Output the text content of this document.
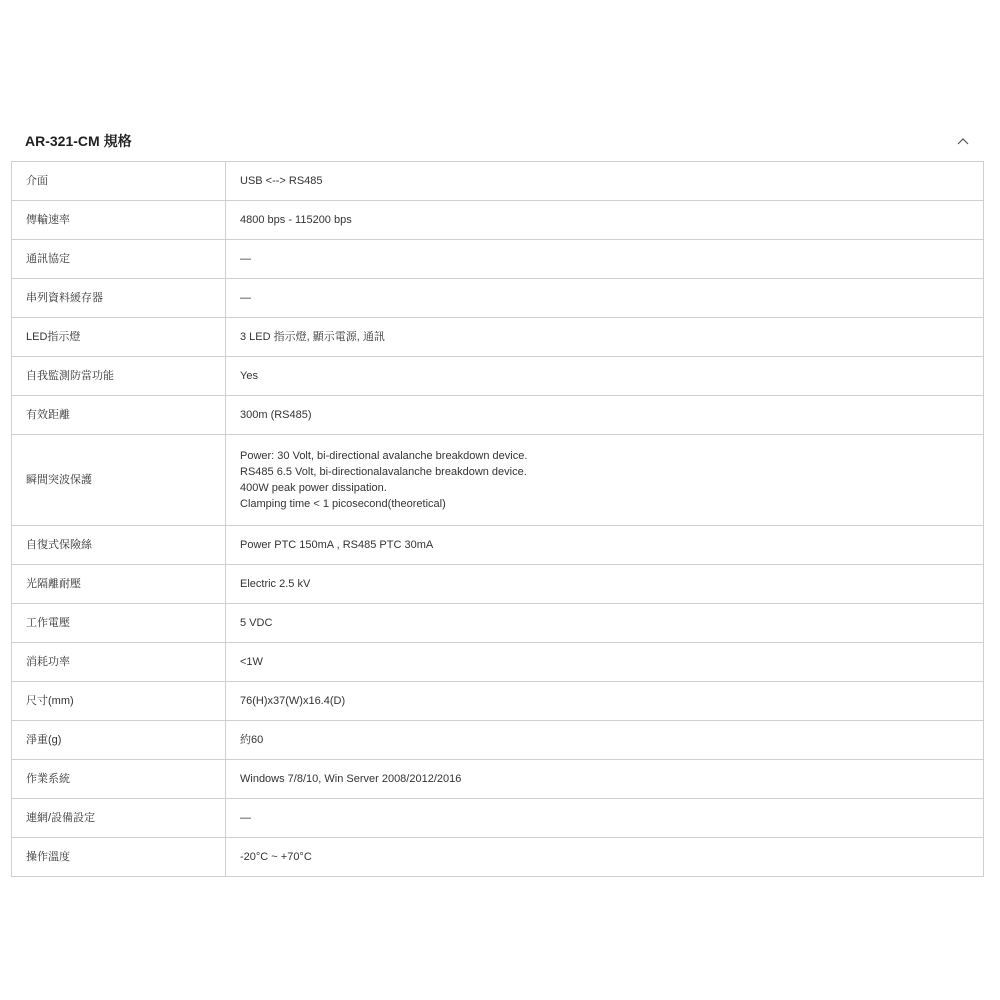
AR-321-CM 規格
介面	USB <--> RS485

傳輸速率	4800 bps - 115200 bps

通訊協定	—

串列資料緩存器	—

LED指示燈	3 LED 指示燈, 顯示電源, 通訊

自我監測防當功能	Yes

有效距離	300m (RS485)

瞬間突波保護	Power: 30 Volt, bi-directional avalanche breakdown device.
RS485 6.5 Volt, bi-directionalavalanche breakdown device.
400W peak power dissipation.
Clamping time < 1 picosecond(theoretical)

自復式保險絲	Power PTC 150mA , RS485 PTC 30mA

光隔離耐壓	Electric 2.5 kV

工作電壓	5 VDC

消耗功率	<1W

尺寸(mm)	76(H)x37(W)x16.4(D)

淨重(g)	約60

作業系統	Windows 7/8/10, Win Server 2008/2012/2016

連網/設備設定	—

操作溫度	-20°C ~ +70°C
